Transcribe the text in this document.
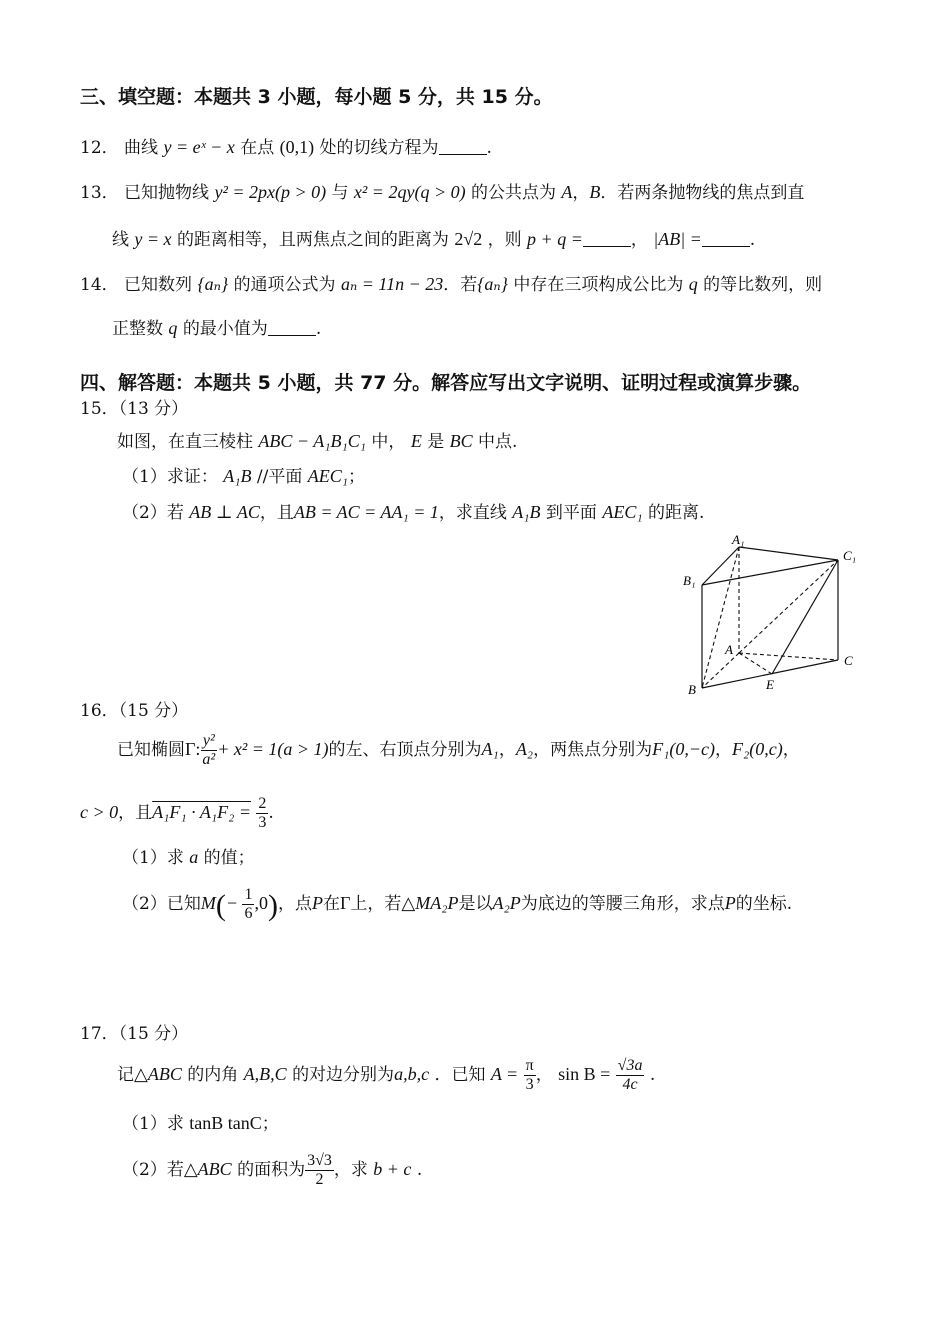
三、填空题：本题共 3 小题，每小题 5 分，共 15 分。
12． 曲线 y = eˣ − x 在点 (0,1) 处的切线方程为	.
13． 已知抛物线 y² = 2px(p > 0) 与 x² = 2qy(q > 0) 的公共点为 A，B．若两条抛物线的焦点到直
线 y = x 的距离相等，且两焦点之间的距离为 2√2 ，则 p + q =	， |AB| =	.
14． 已知数列 {aₙ} 的通项公式为 aₙ = 11n − 23．若{aₙ} 中存在三项构成公比为 q 的等比数列，则
正整数 q 的最小值为	.
四、解答题：本题共 5 小题，共 77 分。解答应写出文字说明、证明过程或演算步骤。
15．（13 分）
如图，在直三棱柱 ABC − A₁B₁C₁ 中， E 是 BC 中点.
（1）求证： A₁B //平面 AEC₁；
（2）若 AB ⊥ AC，且AB = AC = AA₁ = 1，求直线 A₁B 到平面 AEC₁ 的距离.
A₁
C₁
B₁
A
C
B	E
16．（15 分）
已知椭圆Γ: $\frac{\text{y²}}{\text{a²}} + x^2 = 1(a > 1)$的左、右顶点分别为A₁，A₂，两焦点分别为F₁(0,−c)，F₂(0,c)，
c > 0，且$A_1F_1 \cdot A_1F_2 = \frac{2}{3}$ .
（1）求 a 的值；
（2）已知$M(- \frac{1}{6} ,0)$，点P在Γ上，若△MA₂P是以A₂P为底边的等腰三角形，求点P的坐标.
17．（15 分）
记△ABC 的内角 A,B,C 的对边分别为a,b,c ．已知 $A = \frac{\pi}{3}$ ， $\sin B = \frac{√3a}{4c}$ .
（1）求 tanB tanC；
（2）若△ABC 的面积为 $\frac{3√3}{2}$ ，求 b + c .
